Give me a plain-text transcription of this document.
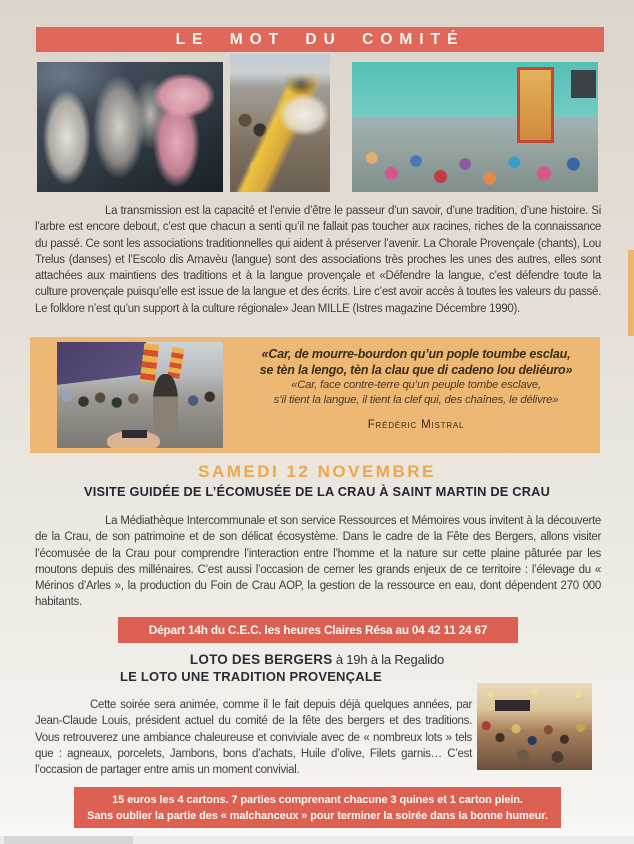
LE MOT DU COMITÉ

La transmission est la capacité et l’envie d’être le passeur d’un savoir, d’une tradition, d’une histoire. Si l’arbre est encore debout, c’est que chacun a senti qu’il ne fallait pas toucher aux racines, riches de la connaissance du passé. Ce sont les associations traditionnelles qui aident à préserver l’avenir. La Chorale Provençale (chants), Lou Trelus (danses) et l’Escolo dis Arnavèu (langue) sont des associations très proches les unes des autres, elles sont attachées aux maintiens des traditions et à la langue provençale et «Défendre la langue, c’est défendre toute la culture provençale puisqu’elle est issue de la langue et des écrits. Lire c’est avoir accès à toutes les valeurs du passé. Le folklore n’est qu’un support à la culture régionale» Jean MILLE (Istres magazine Décembre 1990).

«Car, de mourre-bourdon qu’un pople toumbe esclau,
se tèn la lengo, tèn la clau que di cadeno lou deliéuro»
«Car, face contre-terre qu’un peuple tombe esclave,
s’il tient la langue, il tient la clef qui, des chaînes, le délivre»
Frédéric Mistral
SAMEDI 12 NOVEMBRE
VISITE GUIDÉE DE L’ÉCOMUSÉE DE LA CRAU À SAINT MARTIN DE CRAU

La Médiathèque Intercommunale et son service Ressources et Mémoires vous invitent à la découverte de la Crau, de son patrimoine et de son délicat écosystème. Dans le cadre de la Fête des Bergers, allons visiter l’écomusée de la Crau pour comprendre l’interaction entre l’homme et la nature sur cette plaine pâturée par les moutons depuis des millénaires. C’est aussi l’occasion de cerner les grands enjeux de ce territoire : l’élevage du « Mérinos d’Arles », la production du Foin de Crau AOP, la gestion de la ressource en eau, dont dépendent 270 000 habitants.

Départ 14h du C.E.C. les heures Claires Résa au 04 42 11 24 67
LOTO DES BERGERS à 19h à la Regalido
LE LOTO UNE TRADITION PROVENÇALE

Cette soirée sera animée, comme il le fait depuis déjà quelques années, par Jean-Claude Louis, président actuel du comité de la fête des bergers et des traditions. Vous retrouverez une ambiance chaleureuse et conviviale avec de « nombreux lots » tels que : agneaux, porcelets, Jambons, bons d’achats, Huile d’olive, Filets garnis… C’est l’occasion de partager entre amis un moment convivial.

15 euros les 4 cartons. 7 parties comprenant chacune 3 quines et 1 carton plein.
Sans oublier la partie des « malchanceux » pour terminer la soirée dans la bonne humeur.
